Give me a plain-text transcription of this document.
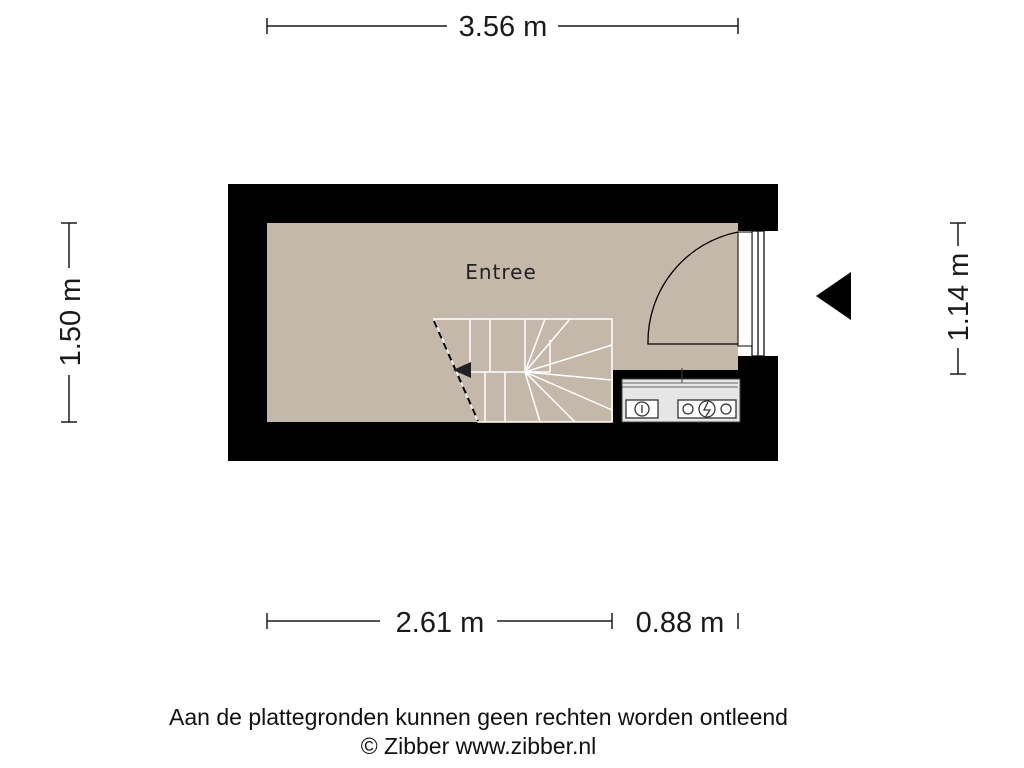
3.56 m
1.50 m	1.14 m
2.61 m	0.88 m
Entree
Aan de plattegronden kunnen geen rechten worden ontleend
© Zibber www.zibber.nl
